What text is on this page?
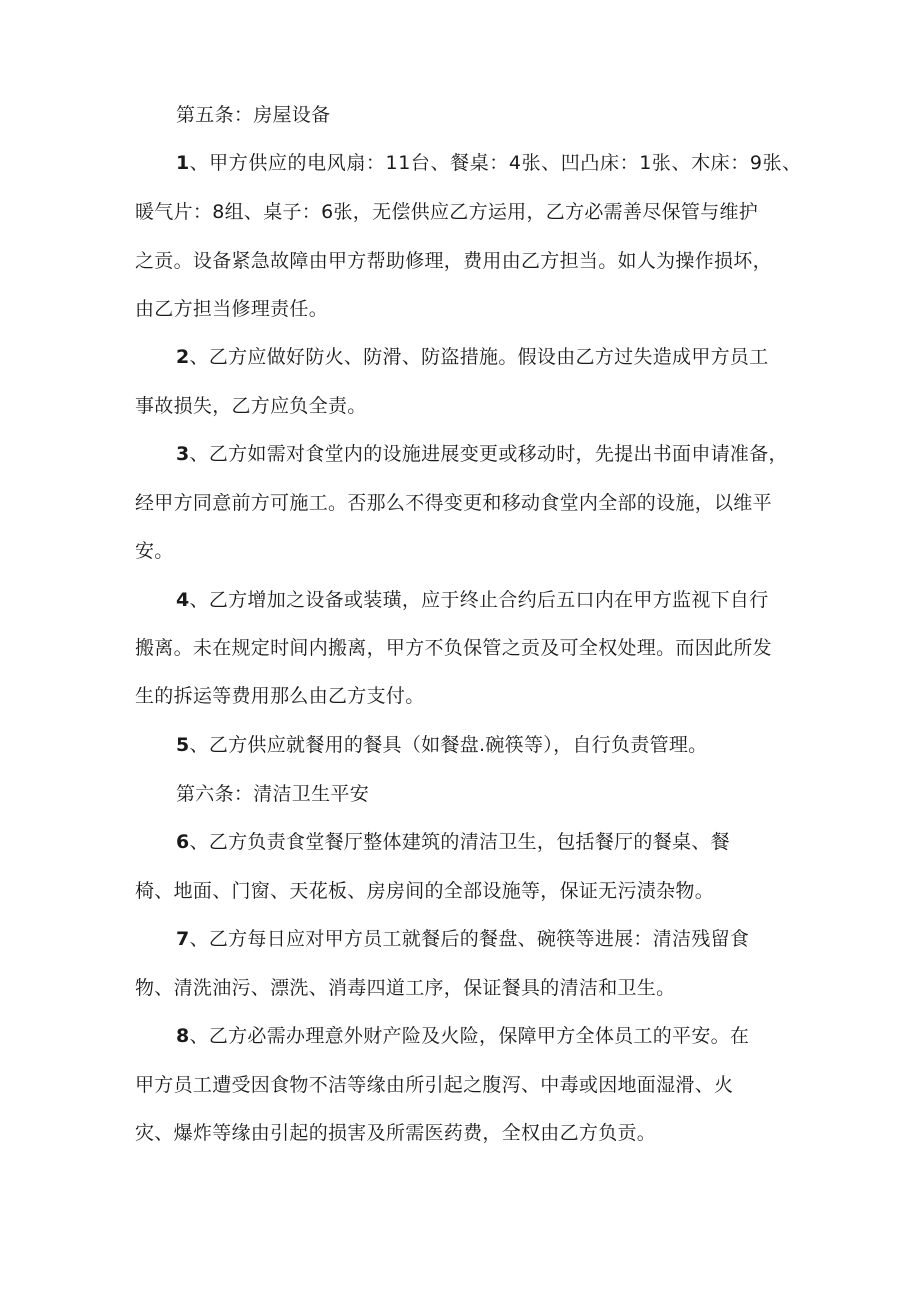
第五条：房屋设备
1、甲方供应的电风扇：11台、餐桌：4张、凹凸床：1张、木床：9张、
暖气片：8组、桌子：6张，无偿供应乙方运用，乙方必需善尽保管与维护
之贡。设备紧急故障由甲方帮助修理，费用由乙方担当。如人为操作损坏，
由乙方担当修理责任。
2、乙方应做好防火、防滑、防盗措施。假设由乙方过失造成甲方员工
事故损失，乙方应负全责。
3、乙方如需对食堂内的设施进展变更或移动时，先提出书面申请准备，
经甲方同意前方可施工。否那么不得变更和移动食堂内全部的设施，以维平
安。
4、乙方增加之设备或装璜，应于终止合约后五口内在甲方监视下自行
搬离。未在规定时间内搬离，甲方不负保管之贡及可全权处理。而因此所发
生的拆运等费用那么由乙方支付。
5、乙方供应就餐用的餐具（如餐盘.碗筷等），自行负责管理。
第六条：清洁卫生平安
6、乙方负责食堂餐厅整体建筑的清洁卫生，包括餐厅的餐桌、餐
椅、地面、门窗、天花板、房房间的全部设施等，保证无污渍杂物。
7、乙方每日应对甲方员工就餐后的餐盘、碗筷等进展：清洁残留食
物、清洗油污、漂洗、消毒四道工序，保证餐具的清洁和卫生。
8、乙方必需办理意外财产险及火险，保障甲方全体员工的平安。在
甲方员工遭受因食物不洁等缘由所引起之腹泻、中毒或因地面湿滑、火
灾、爆炸等缘由引起的损害及所需医药费，全权由乙方负贡。
